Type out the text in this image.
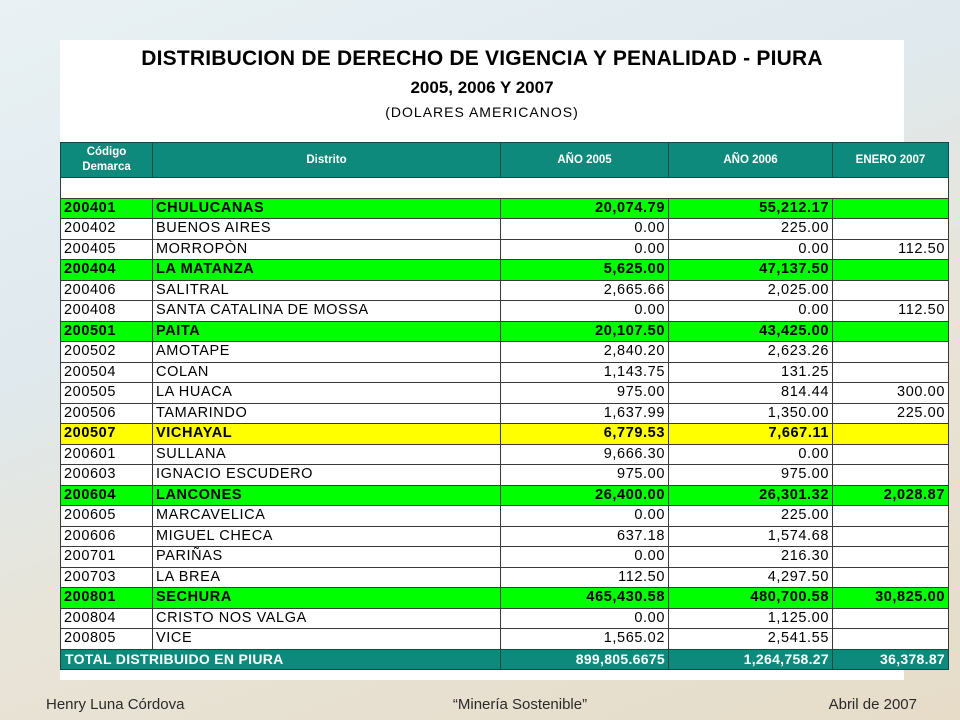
DISTRIBUCION DE DERECHO DE VIGENCIA Y PENALIDAD - PIURA
2005, 2006 Y 2007
(DOLARES AMERICANOS)
Código
Demarca	Distrito	AÑO 2005	AÑO 2006	ENERO 2007

200401	CHULUCANAS	20,074.79	55,212.17	
200402	BUENOS AIRES	0.00	225.00	
200405	MORROPÒN	0.00	0.00	112.50
200404	LA MATANZA	5,625.00	47,137.50	
200406	SALITRAL	2,665.66	2,025.00	
200408	SANTA CATALINA DE MOSSA	0.00	0.00	112.50
200501	PAITA	20,107.50	43,425.00	
200502	AMOTAPE	2,840.20	2,623.26	
200504	COLAN	1,143.75	131.25	
200505	LA HUACA	975.00	814.44	300.00
200506	TAMARINDO	1,637.99	1,350.00	225.00
200507	VICHAYAL	6,779.53	7,667.11	
200601	SULLANA	9,666.30	0.00	
200603	IGNACIO ESCUDERO	975.00	975.00	
200604	LANCONES	26,400.00	26,301.32	2,028.87
200605	MARCAVELICA	0.00	225.00	
200606	MIGUEL CHECA	637.18	1,574.68	
200701	PARIÑAS	0.00	216.30	
200703	LA BREA	112.50	4,297.50	
200801	SECHURA	465,430.58	480,700.58	30,825.00
200804	CRISTO NOS VALGA	0.00	1,125.00	
200805	VICE	1,565.02	2,541.55	
TOTAL DISTRIBUIDO EN PIURA		899,805.6675	1,264,758.27	36,378.87
Henry Luna Córdova	“Minería Sostenible”	Abril de 2007
